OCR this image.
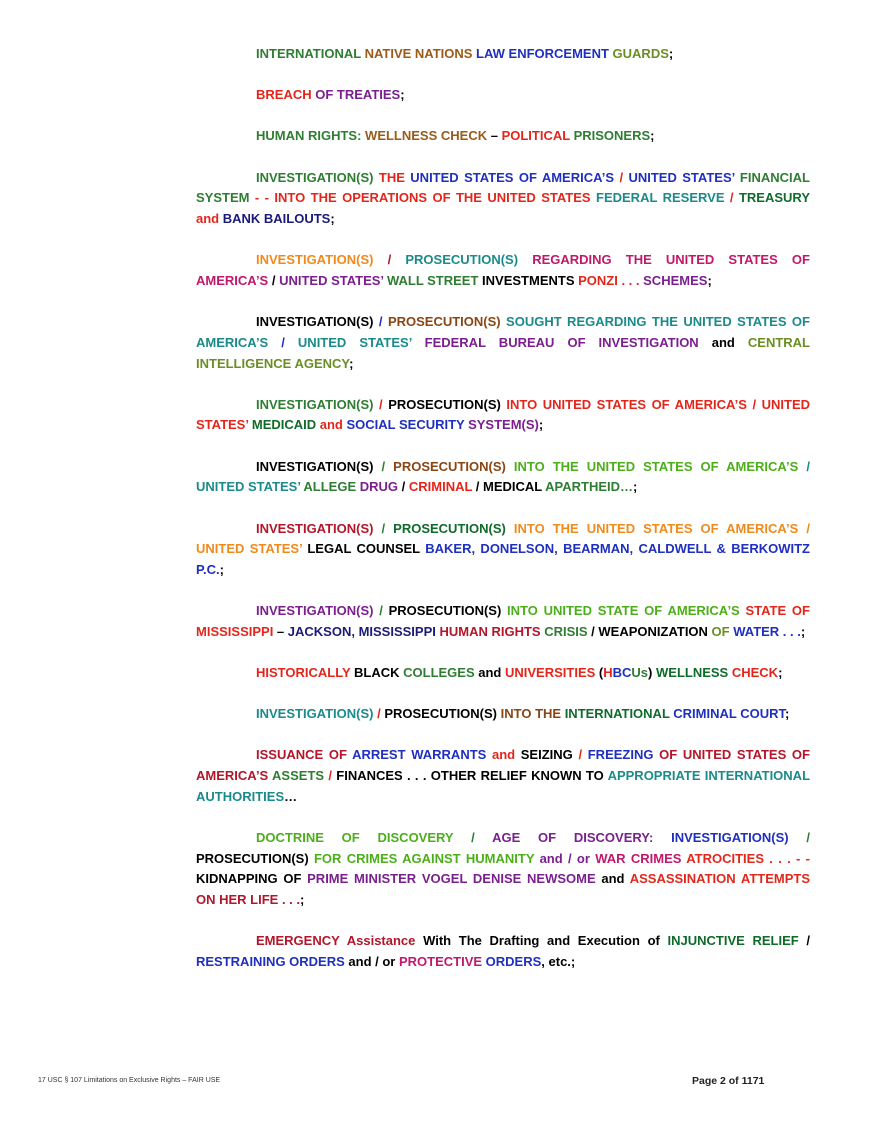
INTERNATIONAL NATIVE NATIONS LAW ENFORCEMENT GUARDS;

BREACH OF TREATIES;

HUMAN RIGHTS: WELLNESS CHECK – POLITICAL PRISONERS;

INVESTIGATION(S) THE UNITED STATES OF AMERICA’S / UNITED STATES’ FINANCIAL SYSTEM - - INTO THE OPERATIONS OF THE UNITED STATES FEDERAL RESERVE / TREASURY and BANK BAILOUTS;

INVESTIGATION(S) / PROSECUTION(S) REGARDING THE UNITED STATES OF AMERICA’S / UNITED STATES’ WALL STREET INVESTMENTS PONZI . . . SCHEMES;

INVESTIGATION(S) / PROSECUTION(S) SOUGHT REGARDING THE UNITED STATES OF AMERICA’S / UNITED STATES’ FEDERAL BUREAU OF INVESTIGATION and CENTRAL INTELLIGENCE AGENCY;

INVESTIGATION(S) / PROSECUTION(S) INTO UNITED STATES OF AMERICA’S / UNITED STATES’ MEDICAID and SOCIAL SECURITY SYSTEM(S);

INVESTIGATION(S) / PROSECUTION(S) INTO THE UNITED STATES OF AMERICA’S / UNITED STATES’ ALLEGE DRUG / CRIMINAL / MEDICAL APARTHEID…;

INVESTIGATION(S) / PROSECUTION(S) INTO THE UNITED STATES OF AMERICA’S / UNITED STATES’ LEGAL COUNSEL BAKER, DONELSON, BEARMAN, CALDWELL & BERKOWITZ P.C.;

INVESTIGATION(S) / PROSECUTION(S) INTO UNITED STATE OF AMERICA’S STATE OF MISSISSIPPI – JACKSON, MISSISSIPPI HUMAN RIGHTS CRISIS / WEAPONIZATION OF WATER . . .;

HISTORICALLY BLACK COLLEGES and UNIVERSITIES (HBCUs) WELLNESS CHECK;

INVESTIGATION(S) / PROSECUTION(S) INTO THE INTERNATIONAL CRIMINAL COURT;

ISSUANCE OF ARREST WARRANTS and SEIZING / FREEZING OF UNITED STATES OF AMERICA’S ASSETS / FINANCES . . . OTHER RELIEF KNOWN TO APPROPRIATE INTERNATIONAL AUTHORITIES…

DOCTRINE OF DISCOVERY / AGE OF DISCOVERY: INVESTIGATION(S) / PROSECUTION(S) FOR CRIMES AGAINST HUMANITY and / or WAR CRIMES ATROCITIES . . . - - KIDNAPPING OF PRIME MINISTER VOGEL DENISE NEWSOME and ASSASSINATION ATTEMPTS ON HER LIFE . . .;

EMERGENCY Assistance With The Drafting and Execution of INJUNCTIVE RELIEF / RESTRAINING ORDERS and / or PROTECTIVE ORDERS, etc.;

17 USC § 107 Limitations on Exclusive Rights – FAIR USE	Page 2 of 1171
